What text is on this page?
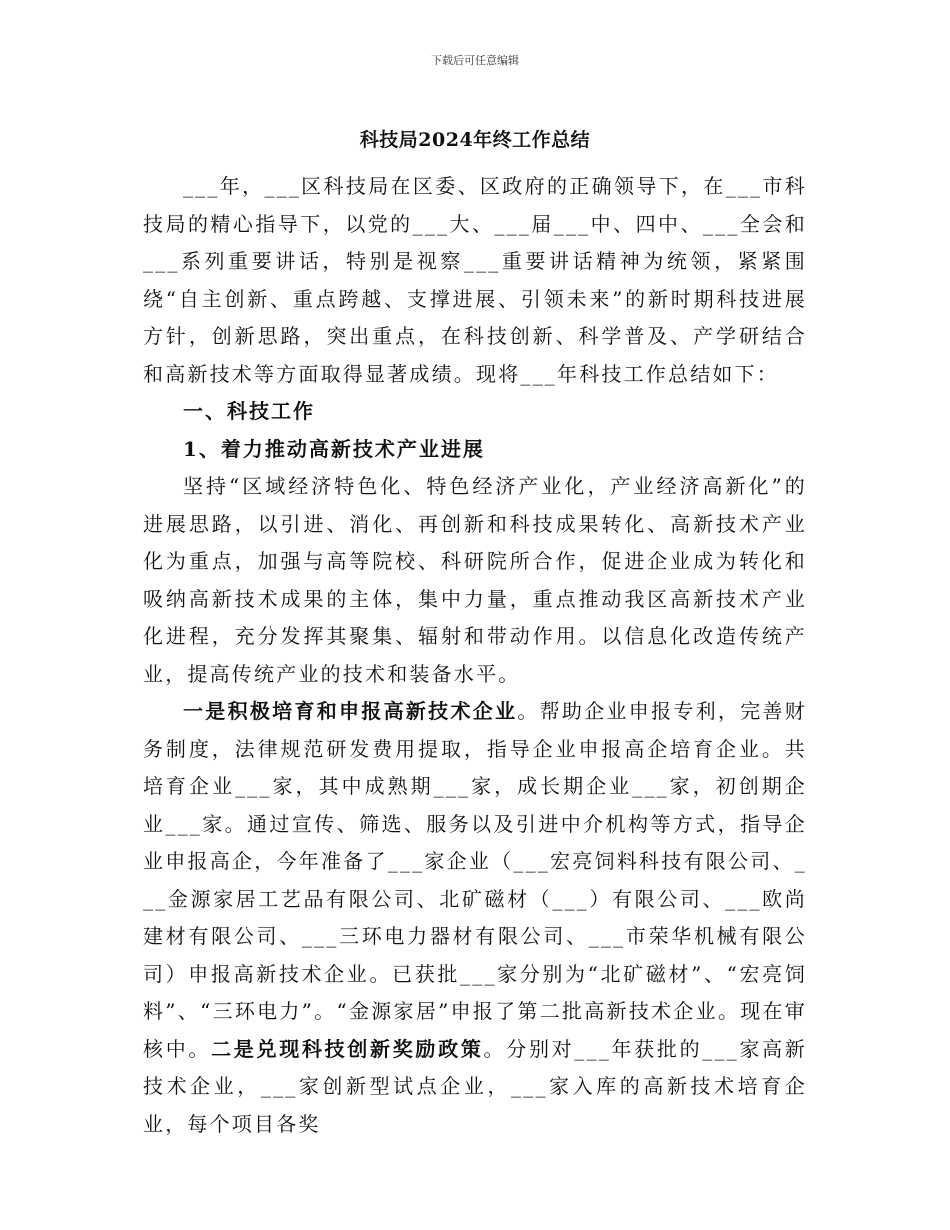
下载后可任意编辑
科技局2024年终工作总结

___年，___区科技局在区委、区政府的正确领导下，在___市科技局的精心指导下，以党的___大、___届___中、四中、___全会和___系列重要讲话，特别是视察___重要讲话精神为统领，紧紧围绕“自主创新、重点跨越、支撑进展、引领未来”的新时期科技进展方针，创新思路，突出重点，在科技创新、科学普及、产学研结合和高新技术等方面取得显著成绩。现将___年科技工作总结如下：

一、科技工作

1、着力推动高新技术产业进展

坚持“区域经济特色化、特色经济产业化，产业经济高新化”的进展思路，以引进、消化、再创新和科技成果转化、高新技术产业化为重点，加强与高等院校、科研院所合作，促进企业成为转化和吸纳高新技术成果的主体，集中力量，重点推动我区高新技术产业化进程，充分发挥其聚集、辐射和带动作用。以信息化改造传统产业，提高传统产业的技术和装备水平。

一是积极培育和申报高新技术企业。帮助企业申报专利，完善财务制度，法律规范研发费用提取，指导企业申报高企培育企业。共培育企业___家，其中成熟期___家，成长期企业___家，初创期企业___家。通过宣传、筛选、服务以及引进中介机构等方式，指导企业申报高企，今年准备了___家企业（___宏亮饲料科技有限公司、___金源家居工艺品有限公司、北矿磁材（___）有限公司、___欧尚建材有限公司、___三环电力器材有限公司、___市荣华机械有限公司）申报高新技术企业。已获批___家分别为“北矿磁材”、“宏亮饲料”、“三环电力”。“金源家居”申报了第二批高新技术企业。现在审核中。二是兑现科技创新奖励政策。分别对___年获批的___家高新技术企业，___家创新型试点企业，___家入库的高新技术培育企业，每个项目各奖
